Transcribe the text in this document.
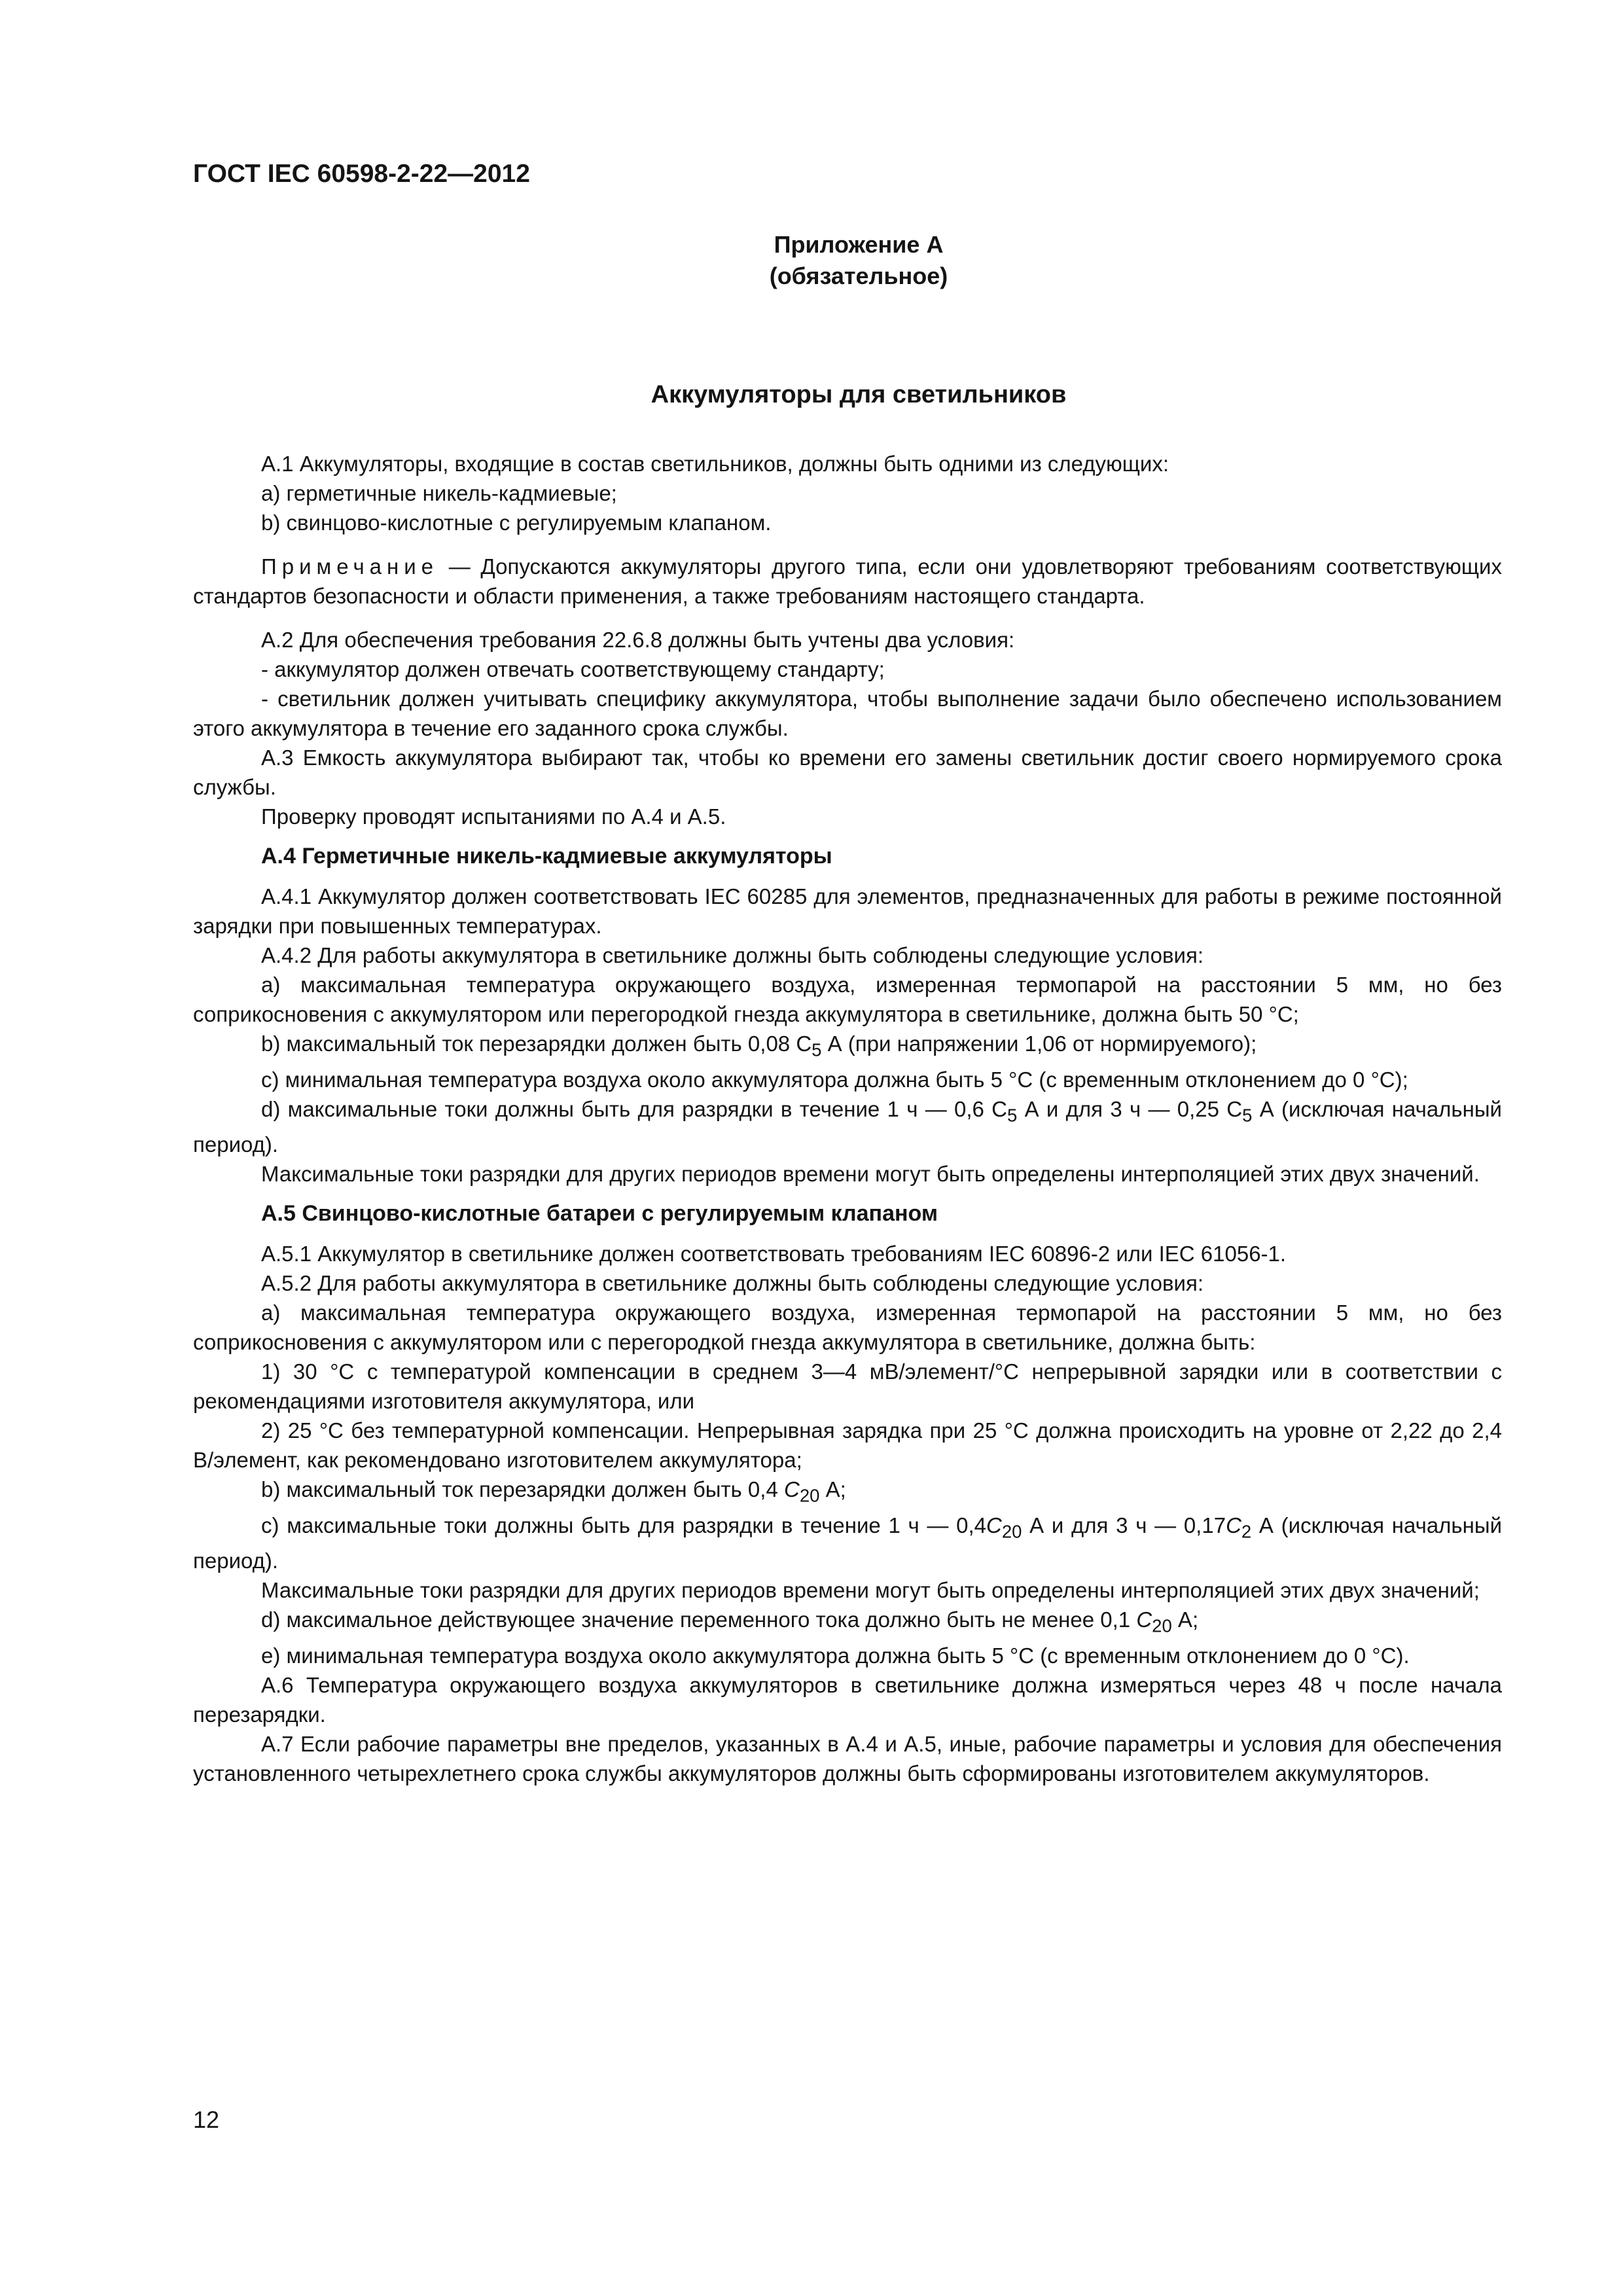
ГОСТ IEC 60598-2-22—2012
Приложение А
(обязательное)
Аккумуляторы для светильников

А.1 Аккумуляторы, входящие в состав светильников, должны быть одними из следующих:

а) герметичные никель-кадмиевые;

b) свинцово-кислотные с регулируемым клапаном.

Примечание — Допускаются аккумуляторы другого типа, если они удовлетворяют требованиям соответствующих стандартов безопасности и области применения, а также требованиям настоящего стандарта.

А.2 Для обеспечения требования 22.6.8 должны быть учтены два условия:

- аккумулятор должен отвечать соответствующему стандарту;

- светильник должен учитывать специфику аккумулятора, чтобы выполнение задачи было обеспечено использованием этого аккумулятора в течение его заданного срока службы.

А.3 Емкость аккумулятора выбирают так, чтобы ко времени его замены светильник достиг своего нормируемого срока службы.

Проверку проводят испытаниями по А.4 и А.5.

А.4 Герметичные никель-кадмиевые аккумуляторы

А.4.1 Аккумулятор должен соответствовать IEC 60285 для элементов, предназначенных для работы в режиме постоянной зарядки при повышенных температурах.

А.4.2 Для работы аккумулятора в светильнике должны быть соблюдены следующие условия:

а) максимальная температура окружающего воздуха, измеренная термопарой на расстоянии 5 мм, но без соприкосновения с аккумулятором или перегородкой гнезда аккумулятора в светильнике, должна быть 50 °С;

b) максимальный ток перезарядки должен быть 0,08 $С_5$ А (при напряжении 1,06 от нормируемого);

с) минимальная температура воздуха около аккумулятора должна быть 5 °С (с временным отклонением до 0 °С);

d) максимальные токи должны быть для разрядки в течение 1 ч — 0,6 $С_5$ А и для 3 ч — 0,25 $С_5$ А (исключая начальный период).

Максимальные токи разрядки для других периодов времени могут быть определены интерполяцией этих двух значений.

А.5 Свинцово-кислотные батареи с регулируемым клапаном

А.5.1 Аккумулятор в светильнике должен соответствовать требованиям IEC 60896-2 или IEC 61056-1.

А.5.2 Для работы аккумулятора в светильнике должны быть соблюдены следующие условия:

а) максимальная температура окружающего воздуха, измеренная термопарой на расстоянии 5 мм, но без соприкосновения с аккумулятором или с перегородкой гнезда аккумулятора в светильнике, должна быть:

1) 30 °С с температурой компенсации в среднем 3—4 мВ/элемент/°С непрерывной зарядки или в соответствии с рекомендациями изготовителя аккумулятора, или

2) 25 °С без температурной компенсации. Непрерывная зарядка при 25 °С должна происходить на уровне от 2,22 до 2,4 В/элемент, как рекомендовано изготовителем аккумулятора;

b) максимальный ток перезарядки должен быть 0,4 $C_{20}$ А;

с) максимальные токи должны быть для разрядки в течение 1 ч — $0,4C_{20}$ А и для 3 ч — $0,17C_2$ А (исключая начальный период).

Максимальные токи разрядки для других периодов времени могут быть определены интерполяцией этих двух значений;

d) максимальное действующее значение переменного тока должно быть не менее 0,1 $C_{20}$ А;

е) минимальная температура воздуха около аккумулятора должна быть 5 °С (с временным отклонением до 0 °С).

А.6 Температура окружающего воздуха аккумуляторов в светильнике должна измеряться через 48 ч после начала перезарядки.

А.7 Если рабочие параметры вне пределов, указанных в А.4 и А.5, иные, рабочие параметры и условия для обеспечения установленного четырехлетнего срока службы аккумуляторов должны быть сформированы изготовителем аккумуляторов.

12
